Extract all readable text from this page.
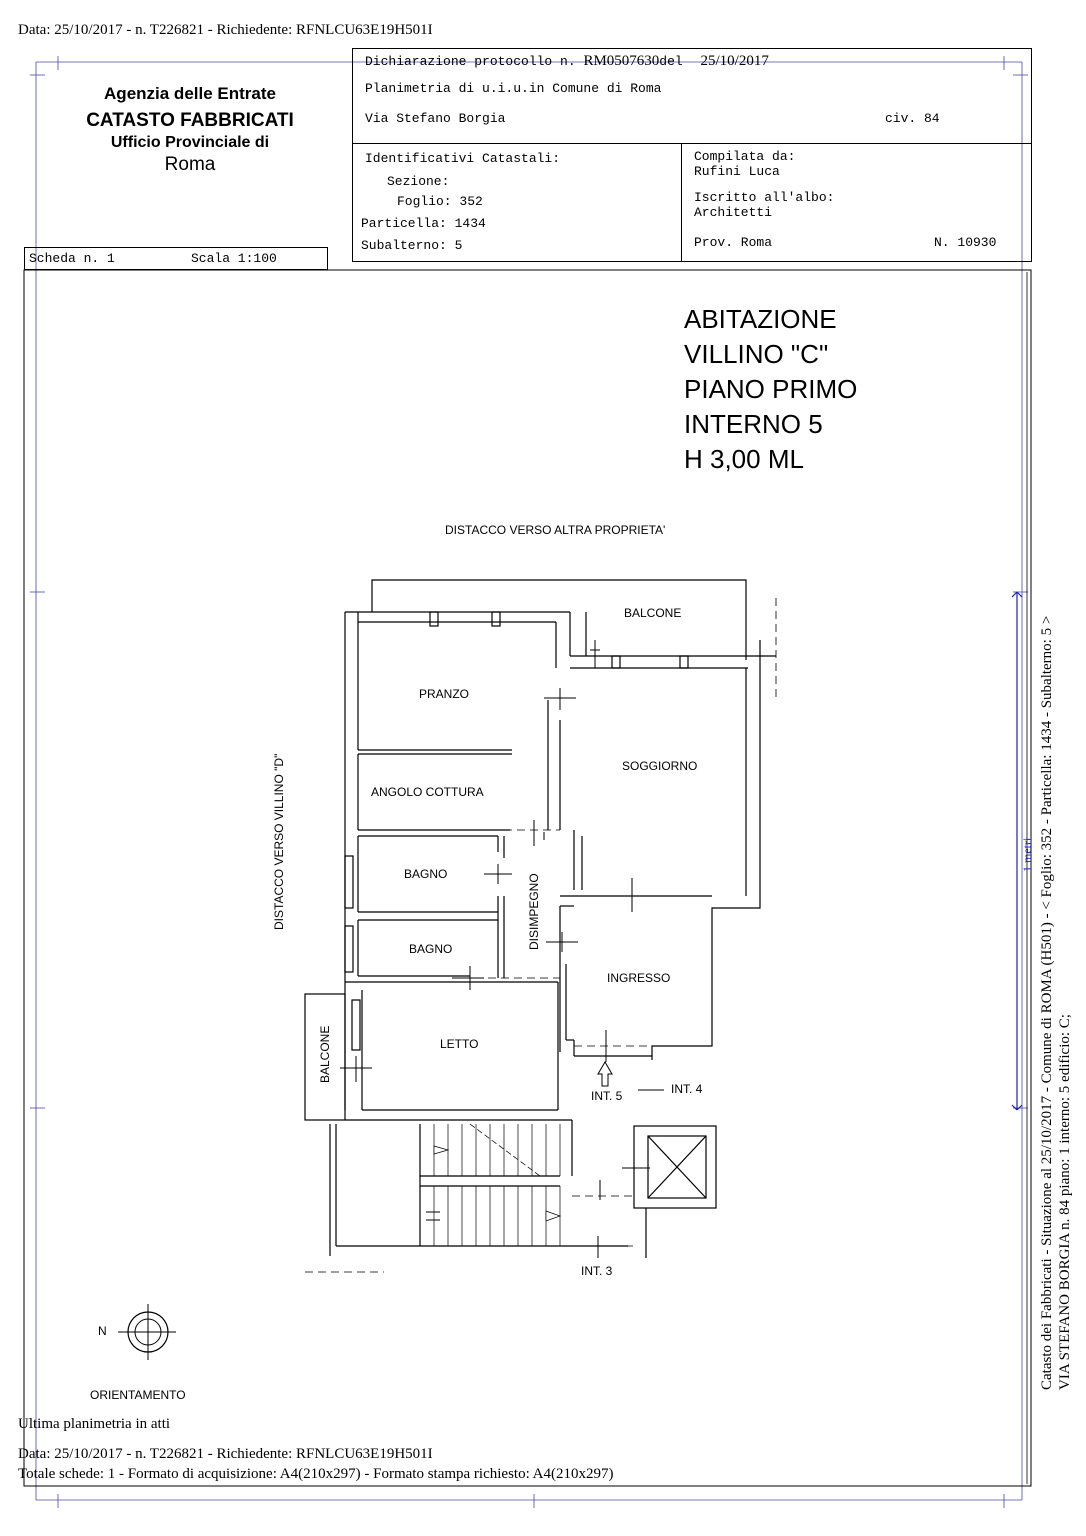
Data: 25/10/2017 - n. T226821 - Richiedente: RFNLCU63E19H501I
Agenzia delle Entrate
CATASTO FABBRICATI
Ufficio Provinciale di
Roma
Scheda n. 1	Scala 1:100
Dichiarazione protocollo n. RM0507630del 25/10/2017
Planimetria di u.i.u.in Comune di Roma
Via Stefano Borgia	civ. 84
Identificativi Catastali:
Sezione:
Foglio: 352
Particella: 1434
Subalterno: 5
Compilata da:
Rufini Luca
Iscritto all'albo:
Architetti
Prov. Roma	N. 10930
ABITAZIONE
VILLINO "C"
PIANO PRIMO
INTERNO 5
H 3,00 ML
DISTACCO VERSO ALTRA PROPRIETA'
BALCONE
PRANZO
SOGGIORNO
ANGOLO COTTURA
BAGNO
BAGNO
INGRESSO
LETTO
INT. 5	INT. 4
INT. 3
DISTACCO VERSO VILLINO "D"	DISIMPEGNO
BALCONE
N
ORIENTAMENTO
Ultima planimetria in atti
Data: 25/10/2017 - n. T226821 - Richiedente: RFNLCU63E19H501I
Totale schede: 1 - Formato di acquisizione: A4(210x297) - Formato stampa richiesto: A4(210x297)
Catasto dei Fabbricati - Situazione al 25/10/2017 - Comune di ROMA (H501) - < Foglio: 352 - Particella: 1434 - Subalterno: 5 > VIA STEFANO BORGIA n. 84 piano: 1 interno: 5 edificio: C;
1 metri
